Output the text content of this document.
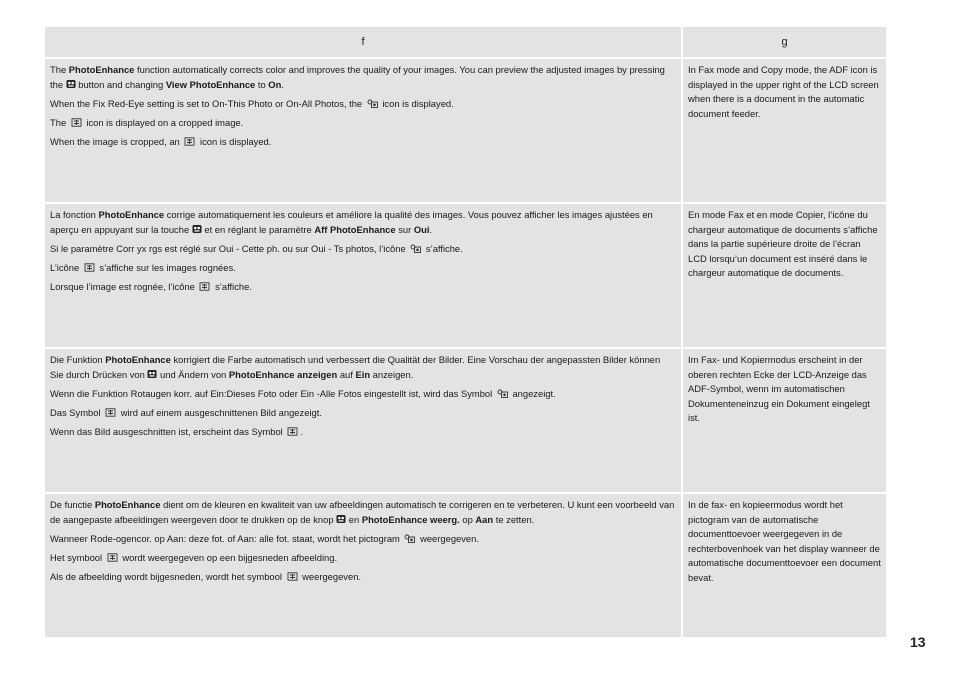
f	g

The PhotoEnhance function automatically corrects color and improves the quality of your images. You can preview the adjusted images by pressing the
button and changing View PhotoEnhance to On.

When the Fix Red-Eye setting is set to On-This Photo or On-All Photos, the
icon is displayed.

The
icon is displayed on a cropped image.

When the image is cropped, an
icon is displayed.

In Fax mode and Copy mode, the ADF icon is displayed in the upper right of the LCD screen when there is a document in the automatic document feeder.

La fonction PhotoEnhance corrige automatiquement les couleurs et améliore la qualité des images. Vous pouvez afficher les images ajustées en aperçu en appuyant sur la touche
et en réglant le paramètre Aff PhotoEnhance sur Oui.

Si le paramètre Corr yx rgs est réglé sur Oui - Cette ph. ou sur Oui - Ts photos, l’icône
s’affiche.

L’icône
s’affiche sur les images rognées.

Lorsque l’image est rognée, l’icône
s’affiche.

En mode Fax et en mode Copier, l’icône du chargeur automatique de documents s’affiche dans la partie supérieure droite de l’écran LCD lorsqu’un document est inséré dans le chargeur automatique de documents.

Die Funktion PhotoEnhance korrigiert die Farbe automatisch und verbessert die Qualität der Bilder. Eine Vorschau der angepassten Bilder können Sie durch Drücken von
und Ändern von PhotoEnhance anzeigen auf Ein anzeigen.

Wenn die Funktion Rotaugen korr. auf Ein:Dieses Foto oder Ein -Alle Fotos eingestellt ist, wird das Symbol
angezeigt.

Das Symbol
wird auf einem ausgeschnittenen Bild angezeigt.

Wenn das Bild ausgeschnitten ist, erscheint das Symbol
.

Im Fax- und Kopiermodus erscheint in der oberen rechten Ecke der LCD-Anzeige das ADF-Symbol, wenn im automatischen Dokumenteneinzug ein Dokument eingelegt ist.

De functie PhotoEnhance dient om de kleuren en kwaliteit van uw afbeeldingen automatisch te corrigeren en te verbeteren. U kunt een voorbeeld van de aangepaste afbeeldingen weergeven door te drukken op de knop
en PhotoEnhance weerg. op Aan te zetten.

Wanneer Rode-ogencor. op Aan: deze fot. of Aan: alle fot. staat, wordt het pictogram
weergegeven.

Het symbool
wordt weergegeven op een bijgesneden afbeelding.

Als de afbeelding wordt bijgesneden, wordt het symbool
weergegeven.

In de fax- en kopieermodus wordt het pictogram van de automatische documenttoevoer weergegeven in de rechterbovenhoek van het display wanneer de automatische documenttoevoer een document bevat.

13
